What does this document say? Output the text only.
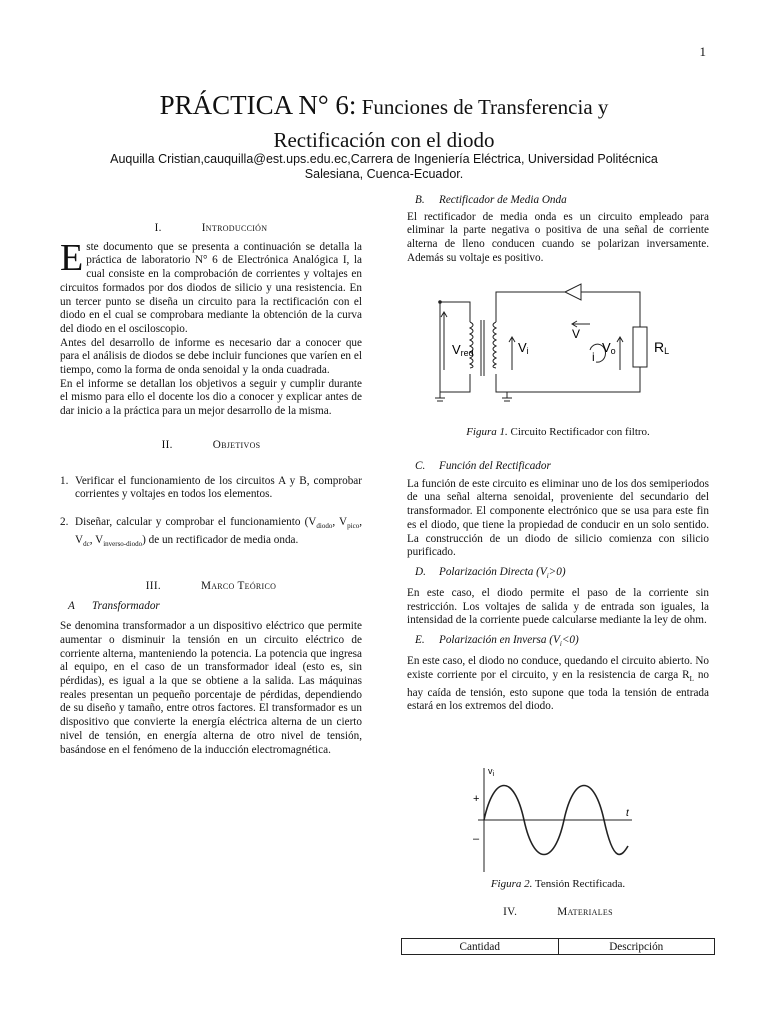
1
PRÁCTICA N° 6: Funciones de Transferencia y
Rectificación con el diodo
Auquilla Cristian,cauquilla@est.ups.edu.ec,Carrera de Ingeniería Eléctrica, Universidad Politécnica
Salesiana, Cuenca-Ecuador.
I.	Introducción

Este documento que se presenta a continuación se detalla la práctica de laboratorio N° 6 de Electrónica Analógica I, la cual consiste en la comprobación de corrientes y voltajes en circuitos formados por dos diodos de silicio y una resistencia. En un tercer punto se diseña un circuito para la rectificación con el diodo en el cual se comprobara mediante la obtención de la curva del diodo en el osciloscopio.

Antes del desarrollo de informe es necesario dar a conocer que para el análisis de diodos se debe incluir funciones que varíen en el tiempo, como la forma de onda senoidal y la onda cuadrada.

En el informe se detallan los objetivos a seguir y cumplir durante el mismo para ello el docente los dio a conocer y explicar antes de dar inicio a la práctica para un mejor desarrollo de la misma.

II.	Objetivos
1. Verificar el funcionamiento de los circuitos A y B, comprobar corrientes y voltajes en todos los elementos.
2. Diseñar, calcular y comprobar el funcionamiento ($V_{diodo}$, $V_{pico}$, $V_{dc}$, $V_{inverso-diodo}$) de un rectificador de media onda.
III.	Marco Teórico
A Transformador

Se denomina transformador a un dispositivo eléctrico que permite aumentar o disminuir la tensión en un circuito eléctrico de corriente alterna, manteniendo la potencia. La potencia que ingresa al equipo, en el caso de un transformador ideal (esto es, sin pérdidas), es igual a la que se obtiene a la salida. Las máquinas reales presentan un pequeño porcentaje de pérdidas, dependiendo de su diseño y tamaño, entre otros factores. El transformador es un dispositivo que convierte la energía eléctrica alterna de un cierto nivel de tensión, en energía alterna de otro nivel de tensión, basándose en el fenómeno de la inducción electromagnética.

B. Rectificador de Media Onda

El rectificador de media onda es un circuito empleado para eliminar la parte negativa o positiva de una señal de corriente alterna de lleno conducen cuando se polarizan inversamente. Además su voltaje es positivo.

Vred	Vi
V
i
Vo	RL
Figura 1. Circuito Rectificador con filtro.
C. Función del Rectificador

La función de este circuito es eliminar uno de los dos semiperiodos de una señal alterna senoidal, proveniente del secundario del transformador. El componente electrónico que se usa para este fin es el diodo, que tiene la propiedad de conducir en un solo sentido. La construcción de un diodo de silicio comienza con silicio purificado.

D. Polarización Directa $(V_i>0)$

En este caso, el diodo permite el paso de la corriente sin restricción. Los voltajes de salida y de entrada son iguales, la intensidad de la corriente puede calcularse mediante la ley de ohm.

E. Polarización en Inversa $(V_i<0)$

En este caso, el diodo no conduce, quedando el circuito abierto. No existe corriente por el circuito, y en la resistencia de carga $R_L$ no hay caída de tensión, esto supone que toda la tensión de entrada estará en los extremos del diodo.

$v_i$
t
+
–
Figura 2. Tensión Rectificada.
IV.	Materiales
Cantidad	Descripción
